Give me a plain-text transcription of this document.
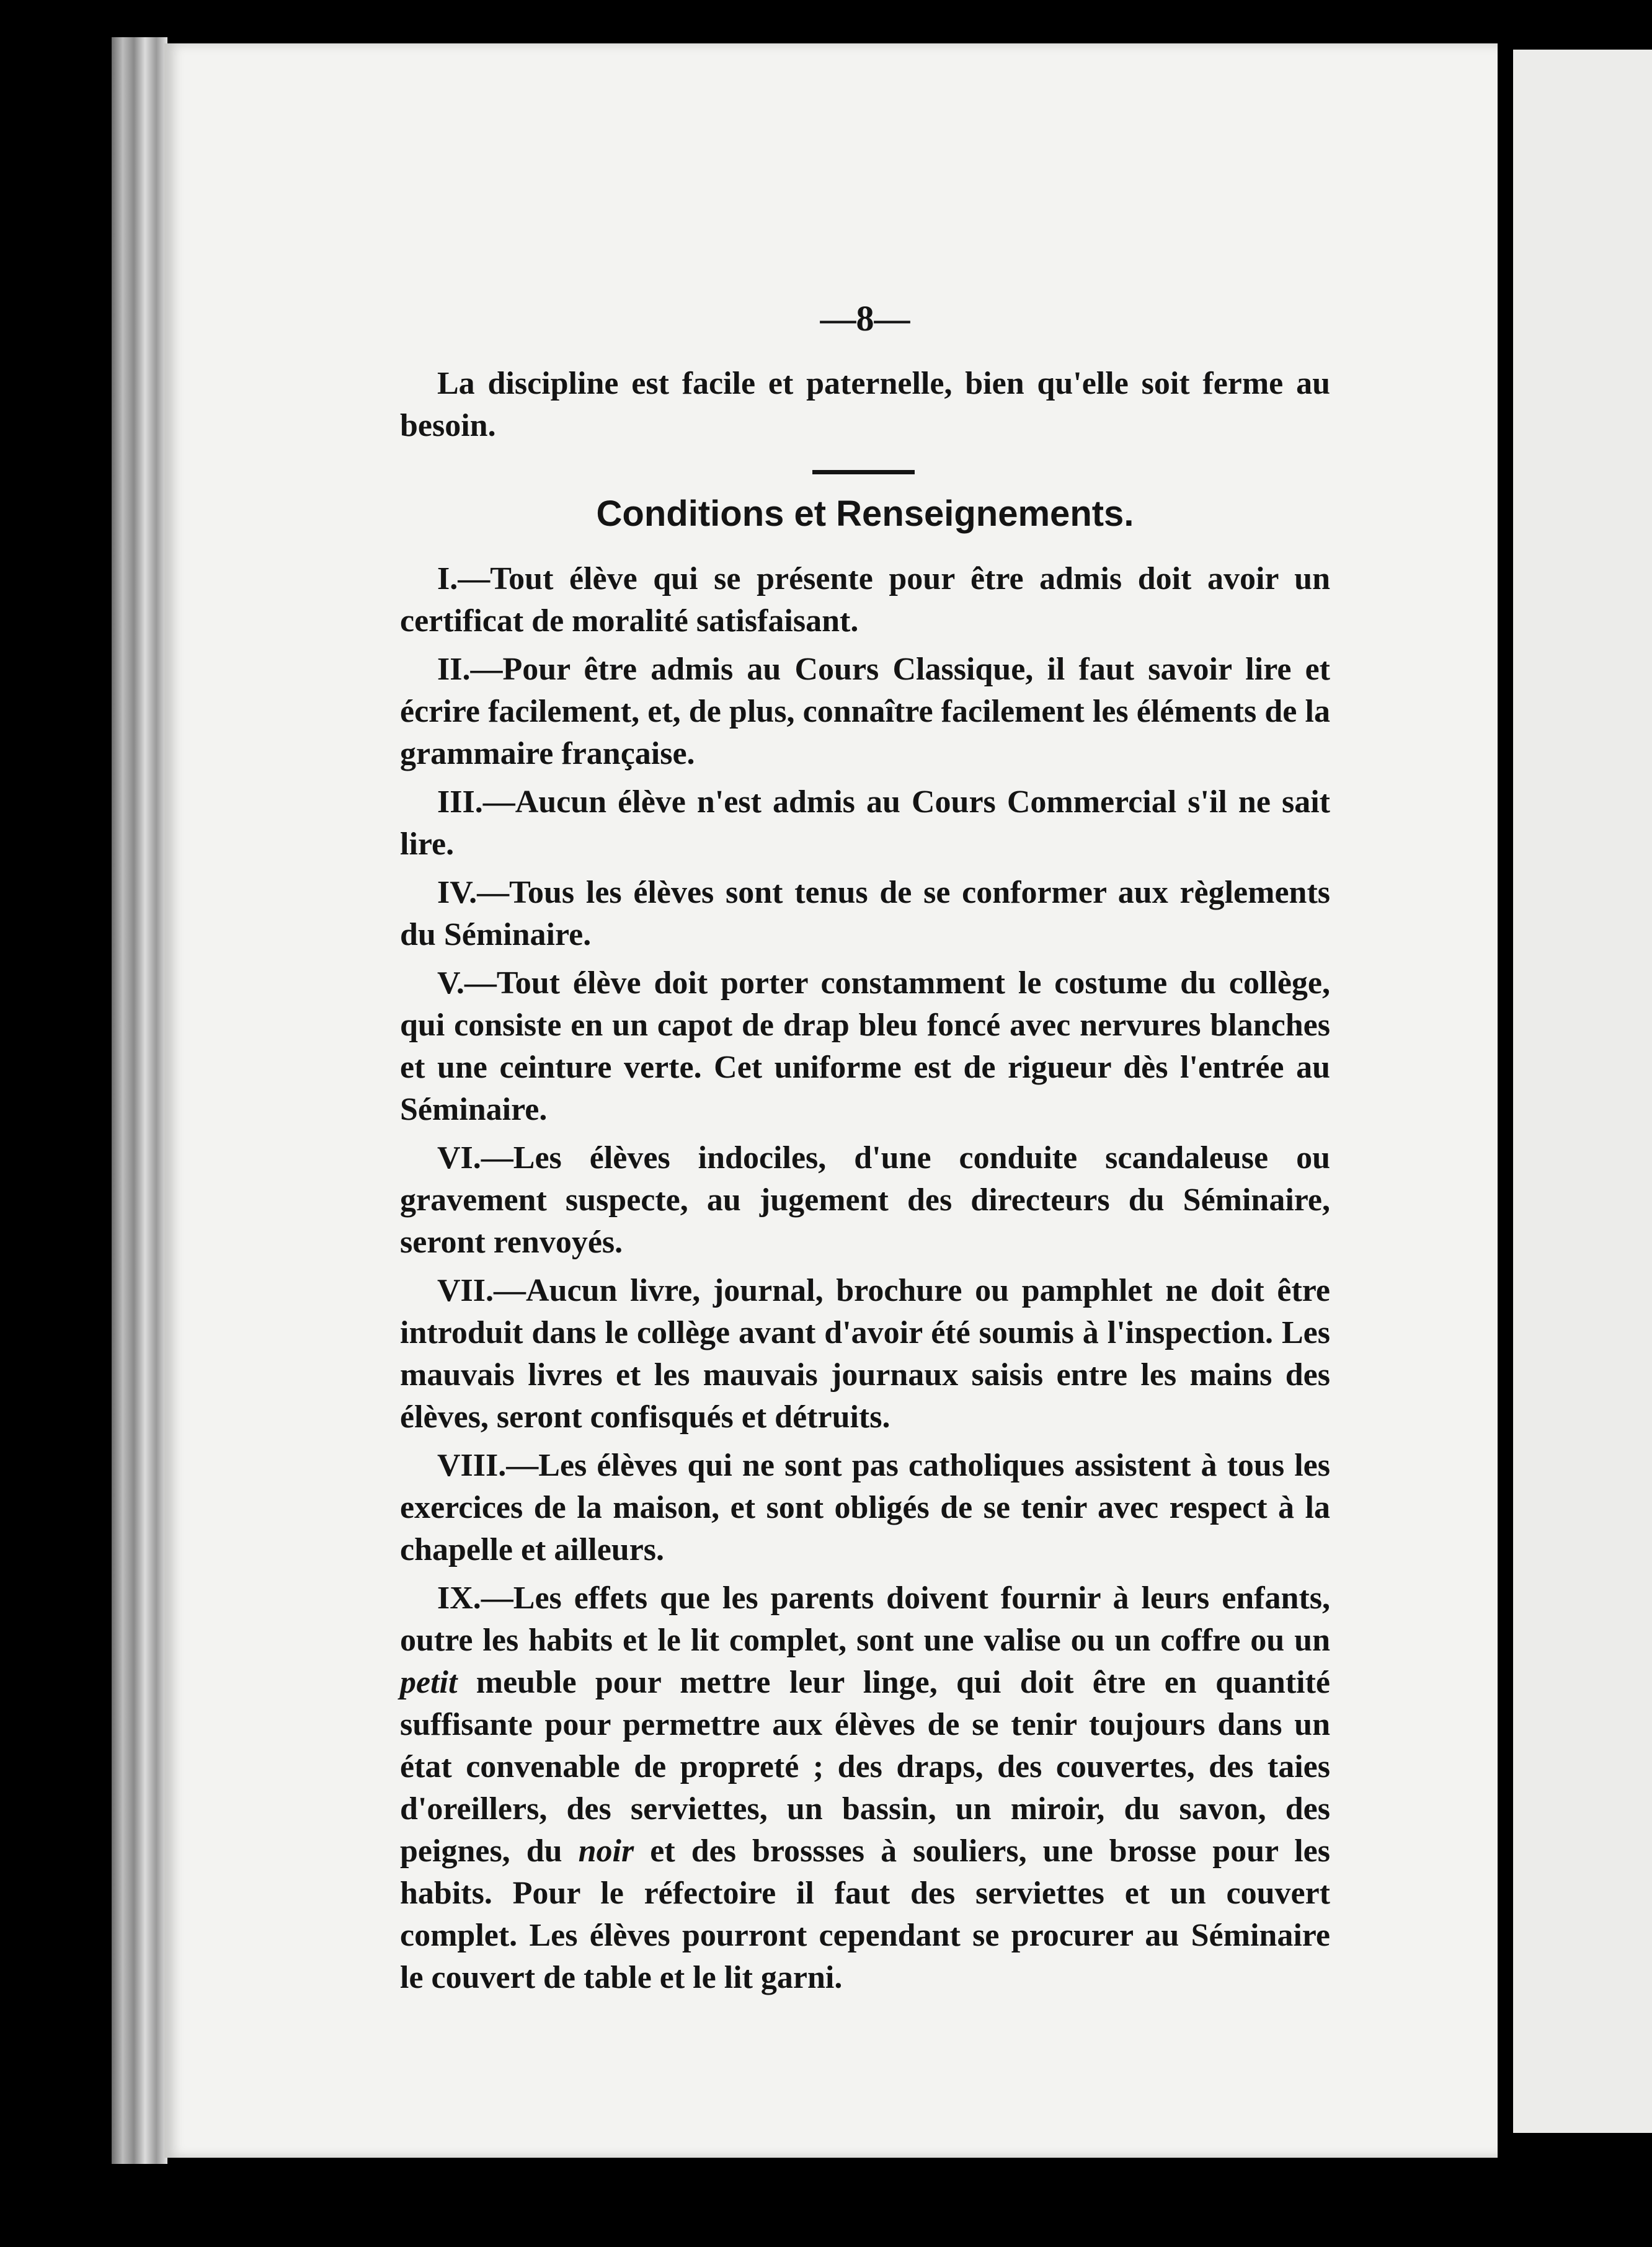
—8—

La discipline est facile et paternelle, bien qu'elle soit ferme au besoin.

Conditions et Renseignements.

I.—Tout élève qui se présente pour être admis doit avoir un certificat de moralité satisfaisant.

II.—Pour être admis au Cours Classique, il faut savoir lire et écrire facilement, et, de plus, connaître facilement les éléments de la grammaire française.

III.—Aucun élève n'est admis au Cours Commercial s'il ne sait lire.

IV.—Tous les élèves sont tenus de se conformer aux règlements du Séminaire.

V.—Tout élève doit porter constamment le costume du collège, qui consiste en un capot de drap bleu foncé avec nervures blanches et une ceinture verte. Cet uniforme est de rigueur dès l'entrée au Séminaire.

VI.—Les élèves indociles, d'une conduite scandaleuse ou gravement suspecte, au jugement des directeurs du Séminaire, seront renvoyés.

VII.—Aucun livre, journal, brochure ou pamphlet ne doit être introduit dans le collège avant d'avoir été soumis à l'inspection. Les mauvais livres et les mauvais journaux saisis entre les mains des élèves, seront confisqués et détruits.

VIII.—Les élèves qui ne sont pas catholiques assistent à tous les exercices de la maison, et sont obligés de se tenir avec respect à la chapelle et ailleurs.

IX.—Les effets que les parents doivent fournir à leurs enfants, outre les habits et le lit complet, sont une valise ou un coffre ou un petit meuble pour mettre leur linge, qui doit être en quantité suffisante pour permettre aux élèves de se tenir toujours dans un état convenable de propreté ; des draps, des couvertes, des taies d'oreillers, des serviettes, un bassin, un miroir, du savon, des peignes, du noir et des brossses à souliers, une brosse pour les habits. Pour le réfectoire il faut des serviettes et un couvert complet. Les élèves pourront cependant se procurer au Séminaire le couvert de table et le lit garni.
